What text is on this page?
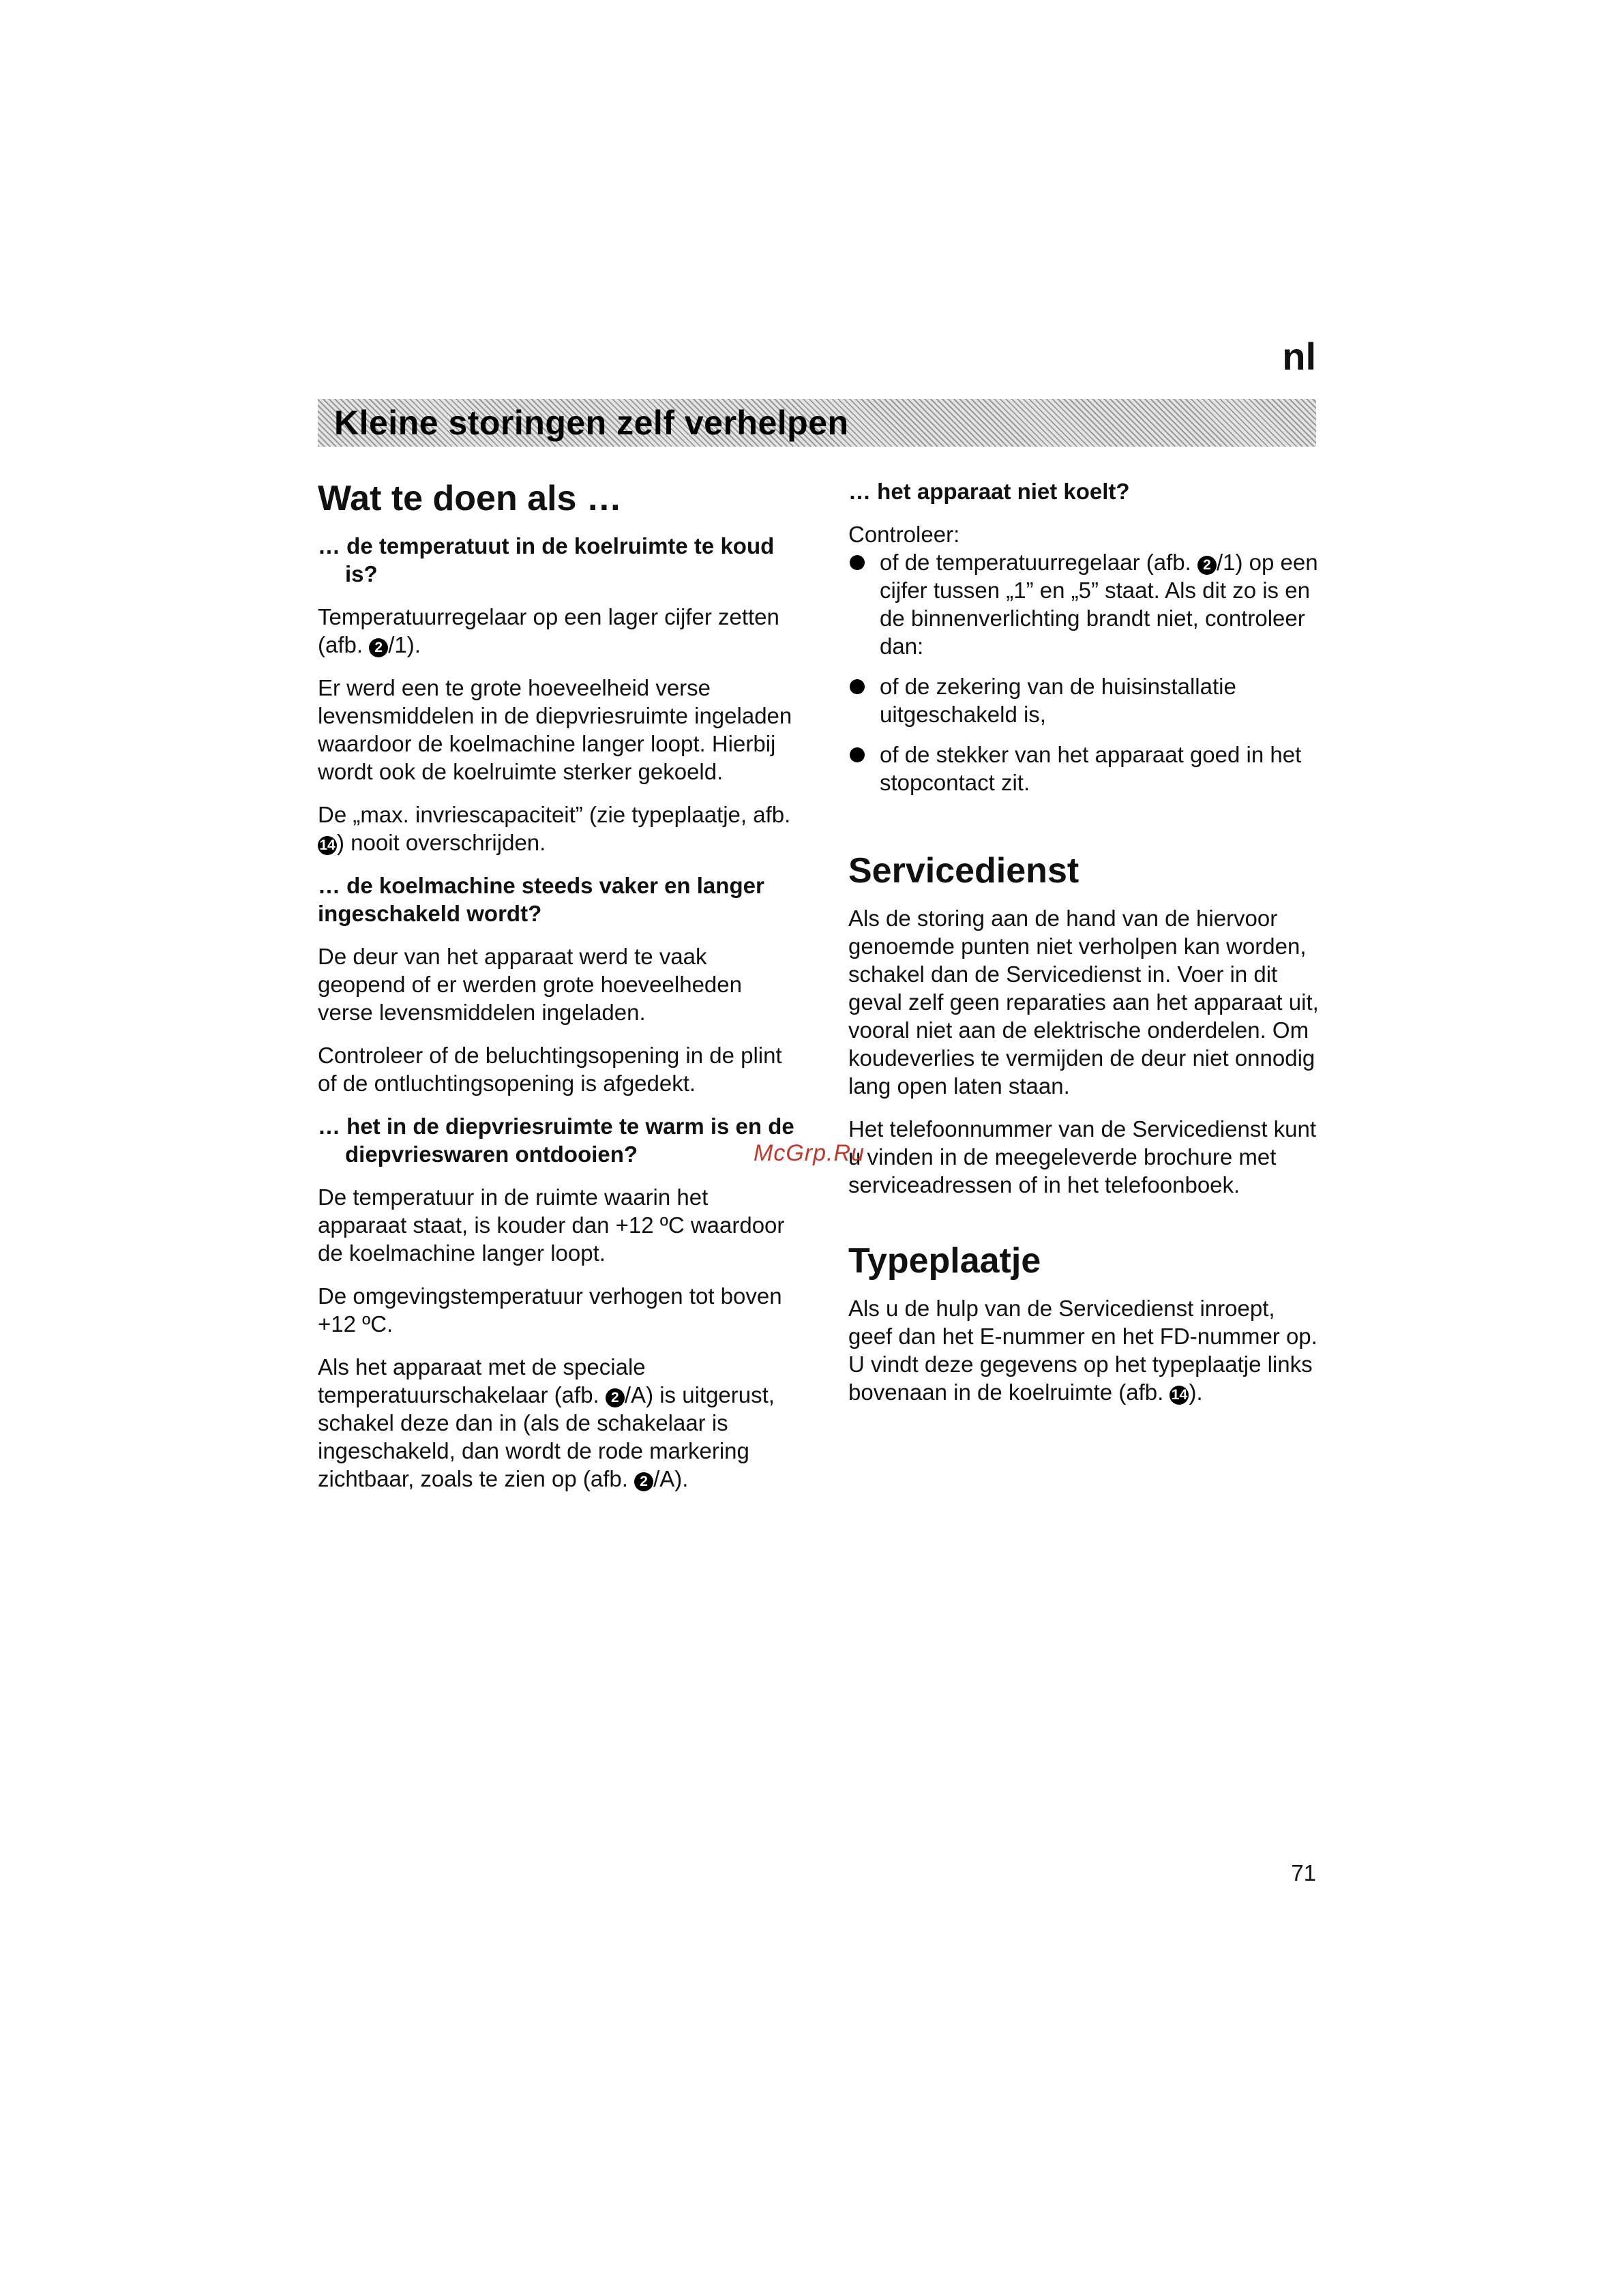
nl
Kleine storingen zelf verhelpen
Wat te doen als …
… de temperatuut in de koelruimte te koud is?

Temperatuurregelaar op een lager cijfer zetten (afb. 2 /1).

Er werd een te grote hoeveelheid verse levensmiddelen in de diepvriesruimte ingeladen waardoor de koelmachine langer loopt. Hierbij wordt ook de koelruimte sterker gekoeld.

De „max. invriescapaciteit” (zie typeplaatje, afb. 14) nooit overschrijden.

… de koelmachine steeds vaker en langer ingeschakeld wordt?

De deur van het apparaat werd te vaak geopend of er werden grote hoeveelheden verse levensmiddelen ingeladen.

Controleer of de beluchtingsopening in de plint of de ontluchtingsopening is afgedekt.

… het in de diepvriesruimte te warm is en de diepvrieswaren ontdooien?

De temperatuur in de ruimte waarin het apparaat staat, is kouder dan +12 ºC waardoor de koelmachine langer loopt.

De omgevingstemperatuur verhogen tot boven +12 ºC.

Als het apparaat met de speciale temperatuurschakelaar (afb. 2 /A) is uitgerust, schakel deze dan in (als de schakelaar is ingeschakeld, dan wordt de rode markering zichtbaar, zoals te zien op (afb. 2 /A).

… het apparaat niet koelt?

Controleer:

of de temperatuurregelaar (afb. 2 /1) op een cijfer tussen „1” en „5” staat. Als dit zo is en de binnenverlichting brandt niet, controleer dan:
of de zekering van de huisinstallatie uitgeschakeld is,
of de stekker van het apparaat goed in het stopcontact zit.
Servicedienst

Als de storing aan de hand van de hiervoor genoemde punten niet verholpen kan worden, schakel dan de Servicedienst in. Voer in dit geval zelf geen reparaties aan het apparaat uit, vooral niet aan de elektrische onderdelen. Om koudeverlies te vermijden de deur niet onnodig lang open laten staan.

Het telefoonnummer van de Servicedienst kunt u vinden in de meegeleverde brochure met serviceadressen of in het telefoonboek.

Typeplaatje

Als u de hulp van de Servicedienst inroept, geef dan het E-nummer en het FD-nummer op. U vindt deze gegevens op het typeplaatje links bovenaan in de koelruimte (afb. 14).

McGrp.Ru
71
